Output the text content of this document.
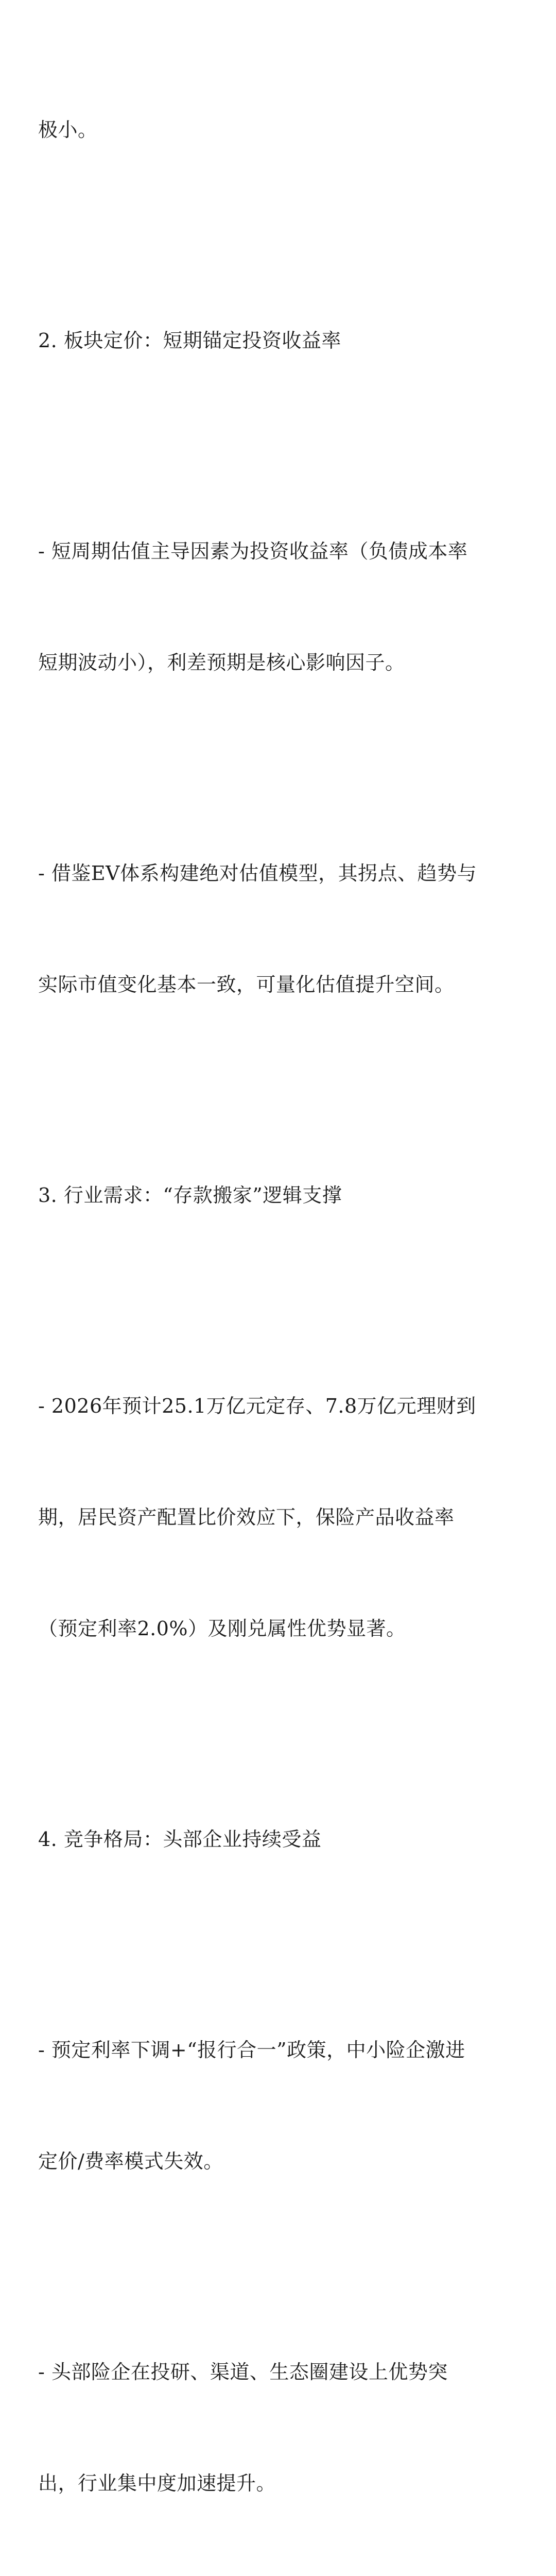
极小。

2. 板块定价：短期锚定投资收益率

- 短周期估值主导因素为投资收益率（负债成本率

短期波动小），利差预期是核心影响因子。

- 借鉴EV体系构建绝对估值模型，其拐点、趋势与

实际市值变化基本一致，可量化估值提升空间。

3. 行业需求：“存款搬家”逻辑支撑

- 2026年预计25.1万亿元定存、7.8万亿元理财到

期，居民资产配置比价效应下，保险产品收益率

（预定利率2.0%）及刚兑属性优势显著。

4. 竞争格局：头部企业持续受益

- 预定利率下调+“报行合一”政策，中小险企激进

定价/费率模式失效。

- 头部险企在投研、渠道、生态圈建设上优势突

出，行业集中度加速提升。
